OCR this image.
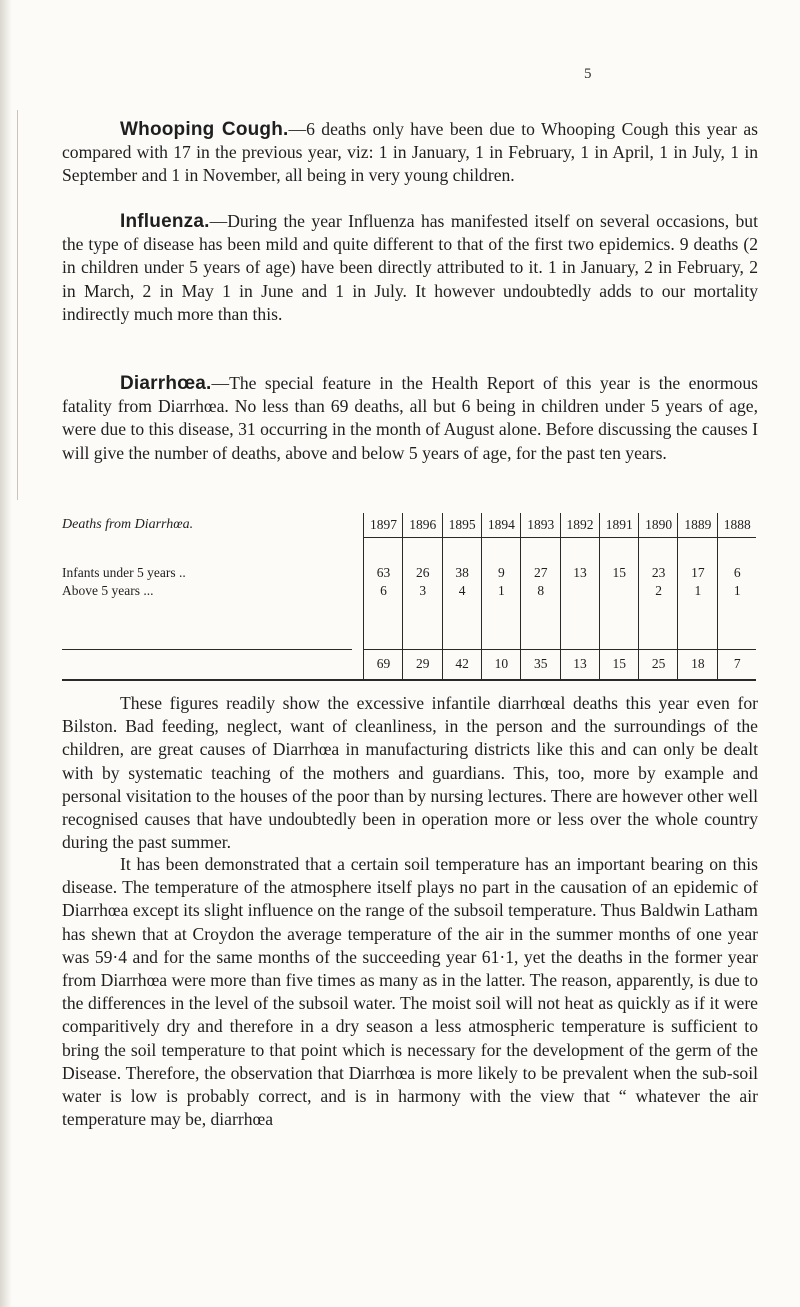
5

Whooping Cough.—6 deaths only have been due to Whooping Cough this year as compared with 17 in the previous year, viz: 1 in January, 1 in February, 1 in April, 1 in July, 1 in September and 1 in November, all being in very young children.

Influenza.—During the year Influenza has manifested itself on several occasions, but the type of disease has been mild and quite different to that of the first two epidemics. 9 deaths (2 in children under 5 years of age) have been directly attributed to it. 1 in January, 2 in February, 2 in March, 2 in May 1 in June and 1 in July. It however undoubtedly adds to our mortality indirectly much more than this.

Diarrhœa.—The special feature in the Health Report of this year is the enormous fatality from Diarrhœa. No less than 69 deaths, all but 6 being in children under 5 years of age, were due to this disease, 31 occurring in the month of August alone. Before discussing the causes I will give the number of deaths, above and below 5 years of age, for the past ten years.

Deaths from Diarrhœa.
Infants under 5 years ..
Above 5 years ...
1897
63
6
69
1896
26
3
29
1895
38
4
42
1894
9
1
10
1893
27
8
35
1892
13
13
1891
15
15
1890
23
2
25
1889
17
1
18
1888
6
1
7

These figures readily show the excessive infantile diarrhœal deaths this year even for Bilston. Bad feeding, neglect, want of cleanliness, in the person and the surroundings of the children, are great causes of Diarrhœa in manufacturing districts like this and can only be dealt with by systematic teaching of the mothers and guardians. This, too, more by example and personal visitation to the houses of the poor than by nursing lectures. There are however other well recognised causes that have undoubtedly been in operation more or less over the whole country during the past summer.

It has been demonstrated that a certain soil temperature has an important bearing on this disease. The temperature of the atmosphere itself plays no part in the causation of an epidemic of Diarrhœa except its slight influence on the range of the subsoil temperature. Thus Baldwin Latham has shewn that at Croydon the average temperature of the air in the summer months of one year was 59·4 and for the same months of the succeeding year 61·1, yet the deaths in the former year from Diarrhœa were more than five times as many as in the latter. The reason, apparently, is due to the differences in the level of the subsoil water. The moist soil will not heat as quickly as if it were comparitively dry and therefore in a dry season a less atmospheric temperature is sufficient to bring the soil temperature to that point which is necessary for the development of the germ of the Disease. Therefore, the observation that Diarrhœa is more likely to be prevalent when the sub-soil water is low is probably correct, and is in harmony with the view that “ whatever the air temperature may be, diarrhœa
